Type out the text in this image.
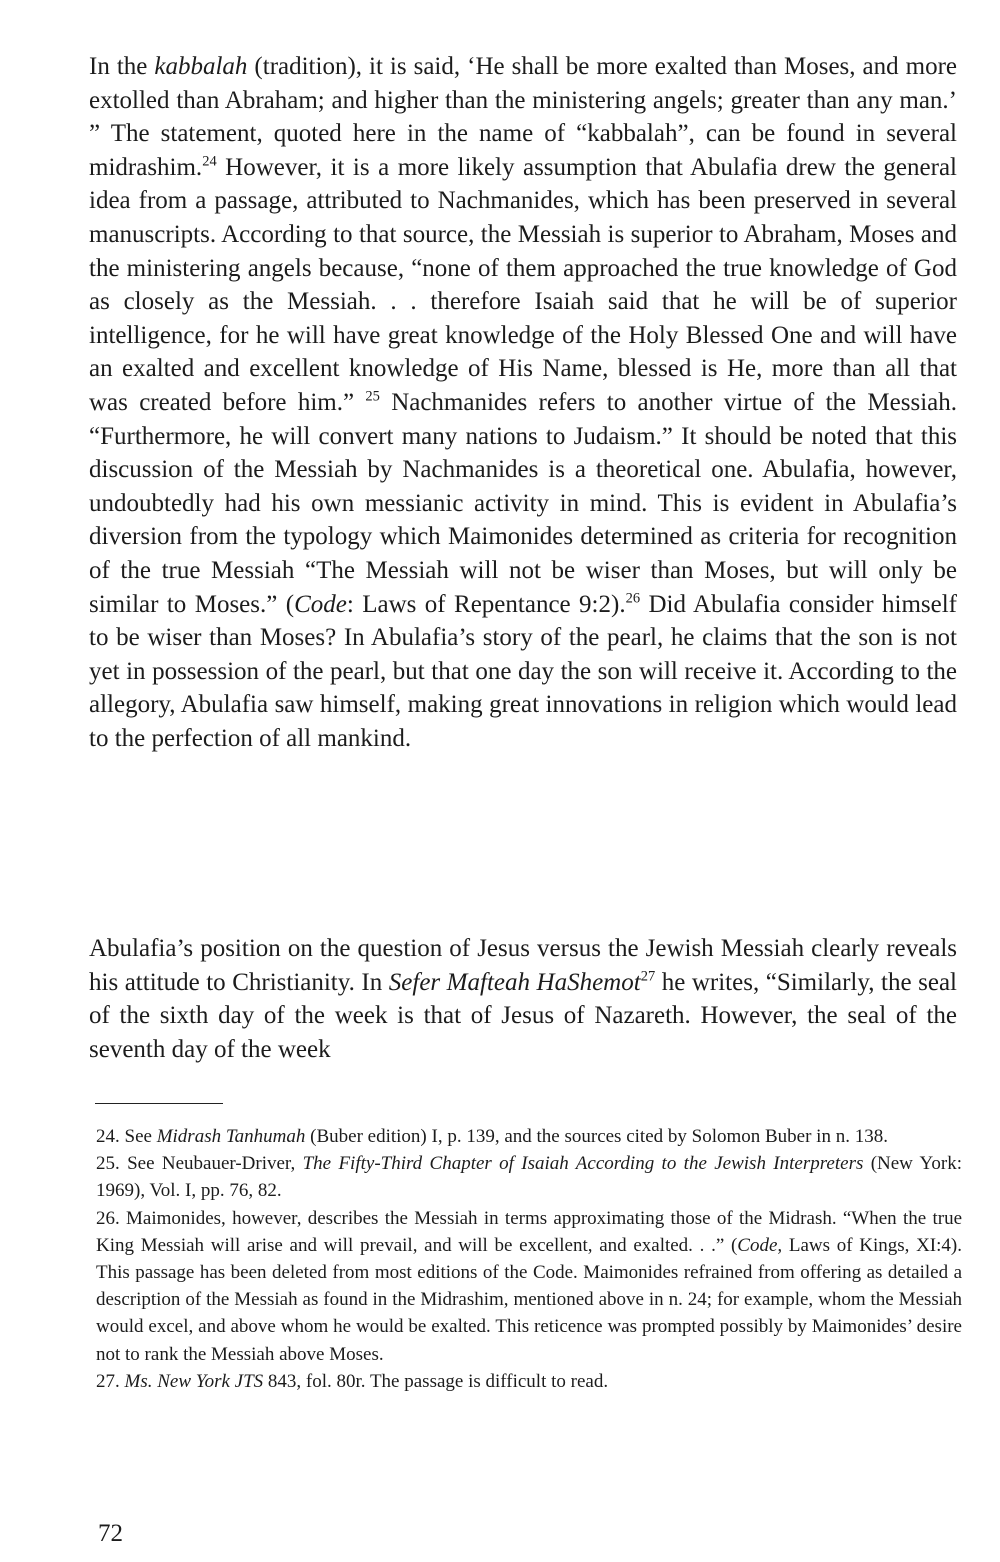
In the kabbalah (tradition), it is said, ‘He shall be more exalted than Moses, and more extolled than Abraham; and higher than the ministering angels; greater than any man.’ ” The statement, quoted here in the name of “kabbalah”, can be found in several midrashim.$^{24}$ However, it is a more likely assumption that Abulafia drew the general idea from a passage, attributed to Nachmanides, which has been preserved in several manuscripts. According to that source, the Messiah is superior to Abraham, Moses and the ministering angels because, “none of them approached the true knowledge of God as closely as the Messiah. . . therefore Isaiah said that he will be of superior intelligence, for he will have great knowledge of the Holy Blessed One and will have an exalted and excellent knowledge of His Name, blessed is He, more than all that was created before him.” $^{25}$ Nachmanides refers to another virtue of the Messiah. “Furthermore, he will convert many nations to Judaism.” It should be noted that this discussion of the Messiah by Nachmanides is a theoretical one. Abulafia, however, undoubtedly had his own messianic activity in mind. This is evident in Abulafia’s diversion from the typology which Maimonides determined as criteria for recognition of the true Messiah “The Messiah will not be wiser than Moses, but will only be similar to Moses.” (Code: Laws of Repentance 9:2).$^{26}$ Did Abulafia consider himself to be wiser than Moses? In Abulafia’s story of the pearl, he claims that the son is not yet in possession of the pearl, but that one day the son will receive it. According to the allegory, Abulafia saw himself, making great innovations in religion which would lead to the perfection of all mankind.
Abulafia’s position on the question of Jesus versus the Jewish Messiah clearly reveals his attitude to Christianity. In Sefer Mafteah HaShemot$^{27}$ he writes, “Similarly, the seal of the sixth day of the week is that of Jesus of Nazareth. However, the seal of the seventh day of the week

24. See Midrash Tanhumah (Buber edition) I, p. 139, and the sources cited by Solomon Buber in n. 138.

25. See Neubauer-Driver, The Fifty-Third Chapter of Isaiah According to the Jewish Interpreters (New York: 1969), Vol. I, pp. 76, 82.

26. Maimonides, however, describes the Messiah in terms approximating those of the Midrash. “When the true King Messiah will arise and will prevail, and will be excellent, and exalted. . .” (Code, Laws of Kings, XI:4). This passage has been deleted from most editions of the Code. Maimonides refrained from offering as detailed a description of the Messiah as found in the Midrashim, mentioned above in n. 24; for example, whom the Messiah would excel, and above whom he would be exalted. This reticence was prompted possibly by Maimonides’ desire not to rank the Messiah above Moses.

27. Ms. New York JTS 843, fol. 80r. The passage is difficult to read.

72
